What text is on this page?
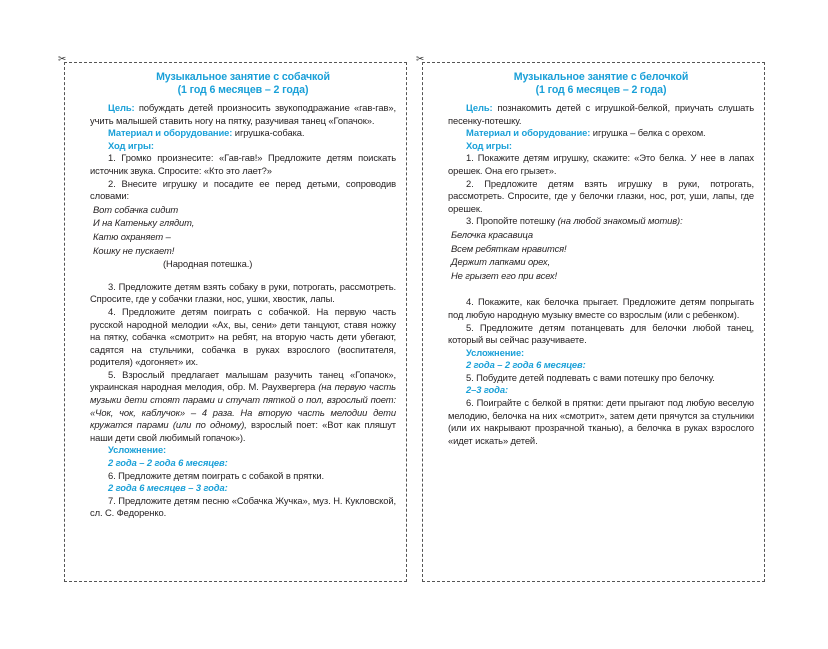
✂	✂
Музыкальное занятие с собачкой
(1 год 6 месяцев – 2 года)

Цель: побуждать детей произносить звукоподражание «гав-гав», учить малышей ставить ногу на пятку, разучивая танец «Гопачок».

Материал и оборудование: игрушка-собака.

Ход игры:

1. Громко произнесите: «Гав-гав!» Предложите детям поискать источник звука. Спросите: «Кто это лает?»

2. Внесите игрушку и посадите ее перед детьми, сопроводив словами:

Вот собачка сидит
И на Катеньку глядит,
Катю охраняет –
Кошку не пускает!
(Народная потешка.)

3. Предложите детям взять собаку в руки, потрогать, рассмотреть. Спросите, где у собачки глазки, нос, ушки, хвостик, лапы.

4. Предложите детям поиграть с собачкой. На первую часть русской народной мелодии «Ах, вы, сени» дети танцуют, ставя ножку на пятку, собачка «смотрит» на ребят, на вторую часть дети убегают, садятся на стульчики, собачка в руках взрослого (воспитателя, родителя) «догоняет» их.

5. Взрослый предлагает малышам разучить танец «Гопачок», украинская народная мелодия, обр. М. Раухвергера (на первую часть музыки дети стоят парами и стучат пяткой о пол, взрослый поет: «Чок, чок, каблучок» – 4 раза. На вторую часть мелодии дети кружатся парами (или по одному), взрослый поет: «Вот как пляшут наши дети свой любимый гопачок»).

Усложнение:

2 года – 2 года 6 месяцев:

6. Предложите детям поиграть с собакой в прятки.

2 года 6 месяцев – 3 года:

7. Предложите детям песню «Собачка Жучка», муз. Н. Кукловской, сл. С. Федоренко.

Музыкальное занятие с белочкой
(1 год 6 месяцев – 2 года)

Цель: познакомить детей с игрушкой-белкой, приучать слушать песенку-потешку.

Материал и оборудование: игрушка – белка с орехом.

Ход игры:

1. Покажите детям игрушку, скажите: «Это белка. У нее в лапах орешек. Она его грызет».

2. Предложите детям взять игрушку в руки, потрогать, рассмотреть. Спросите, где у белочки глазки, нос, рот, уши, лапы, где орешек.

3. Пропойте потешку (на любой знакомый мотив):

Белочка красавица
Всем ребяткам нравится!
Держит лапками орех,
Не грызет его при всех!

4. Покажите, как белочка прыгает. Предложите детям попрыгать под любую народную музыку вместе со взрослым (или с ребенком).

5. Предложите детям потанцевать для белочки любой танец, который вы сейчас разучиваете.

Усложнение:

2 года – 2 года 6 месяцев:

5. Побудите детей подпевать с вами потешку про белочку.

2–3 года:

6. Поиграйте с белкой в прятки: дети прыгают под любую веселую мелодию, белочка на них «смотрит», затем дети прячутся за стульчики (или их накрывают прозрачной тканью), а белочка в руках взрослого «идет искать» детей.
